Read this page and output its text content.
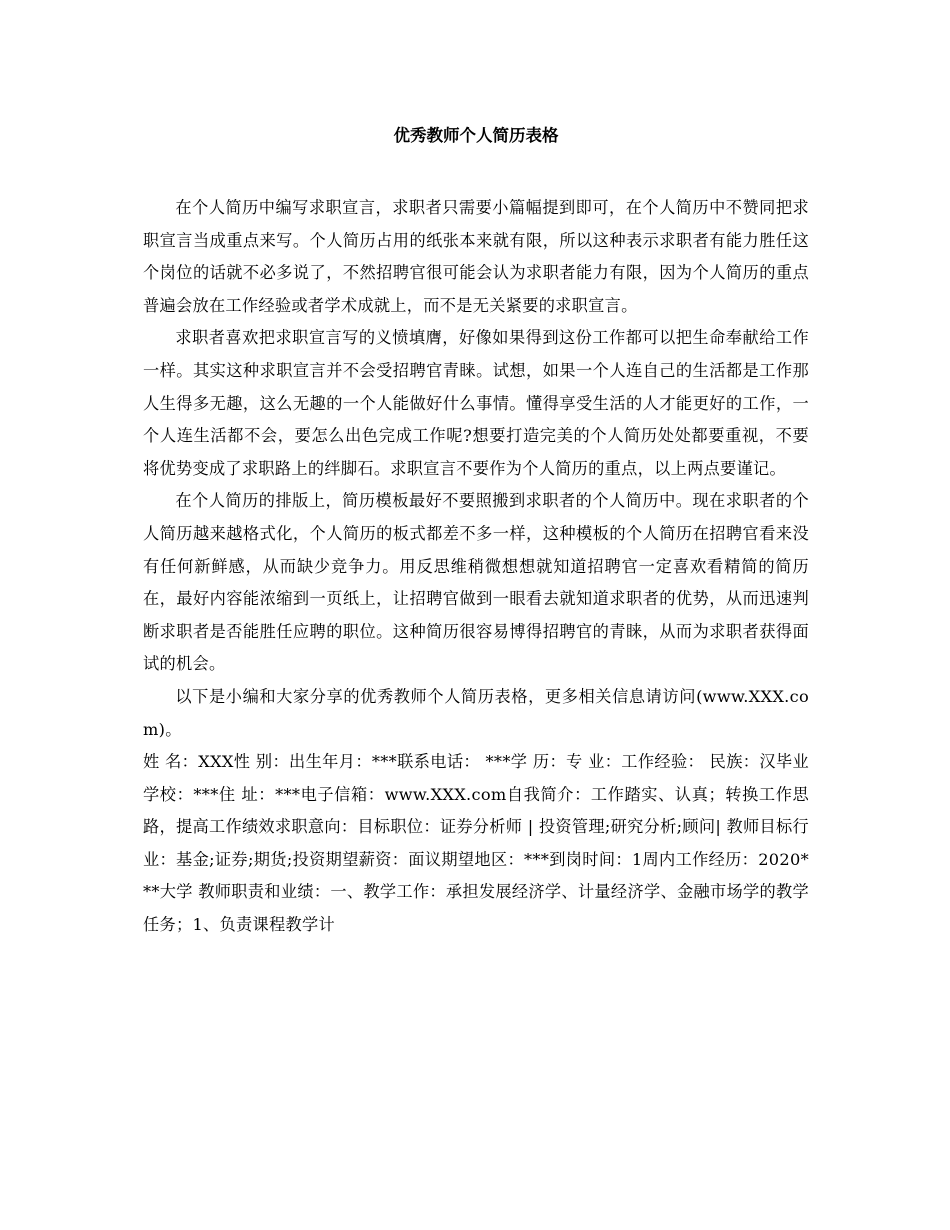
优秀教师个人简历表格

在个人简历中编写求职宣言，求职者只需要小篇幅提到即可，在个人简历中不赞同把求职宣言当成重点来写。个人简历占用的纸张本来就有限，所以这种表示求职者有能力胜任这个岗位的话就不必多说了，不然招聘官很可能会认为求职者能力有限，因为个人简历的重点普遍会放在工作经验或者学术成就上，而不是无关紧要的求职宣言。

求职者喜欢把求职宣言写的义愤填膺，好像如果得到这份工作都可以把生命奉献给工作一样。其实这种求职宣言并不会受招聘官青睐。试想，如果一个人连自己的生活都是工作那人生得多无趣，这么无趣的一个人能做好什么事情。懂得享受生活的人才能更好的工作，一个人连生活都不会，要怎么出色完成工作呢?想要打造完美的个人简历处处都要重视，不要将优势变成了求职路上的绊脚石。求职宣言不要作为个人简历的重点，以上两点要谨记。

在个人简历的排版上，简历模板最好不要照搬到求职者的个人简历中。现在求职者的个人简历越来越格式化，个人简历的板式都差不多一样，这种模板的个人简历在招聘官看来没有任何新鲜感，从而缺少竞争力。用反思维稍微想想就知道招聘官一定喜欢看精简的简历在，最好内容能浓缩到一页纸上，让招聘官做到一眼看去就知道求职者的优势，从而迅速判断求职者是否能胜任应聘的职位。这种简历很容易博得招聘官的青睐，从而为求职者获得面试的机会。

以下是小编和大家分享的优秀教师个人简历表格，更多相关信息请访问(www.XXX.com)。

姓 名：XXX性 别：出生年月：***联系电话： ***学 历：专 业：工作经验： 民族：汉毕业学校：***住 址：***电子信箱：www.XXX.com自我简介：工作踏实、认真；转换工作思路，提高工作绩效求职意向：目标职位：证券分析师 | 投资管理;研究分析;顾问| 教师目标行业：基金;证券;期货;投资期望薪资：面议期望地区：***到岗时间：1周内工作经历：2020***大学 教师职责和业绩：一、教学工作：承担发展经济学、计量经济学、金融市场学的教学任务；1、负责课程教学计
